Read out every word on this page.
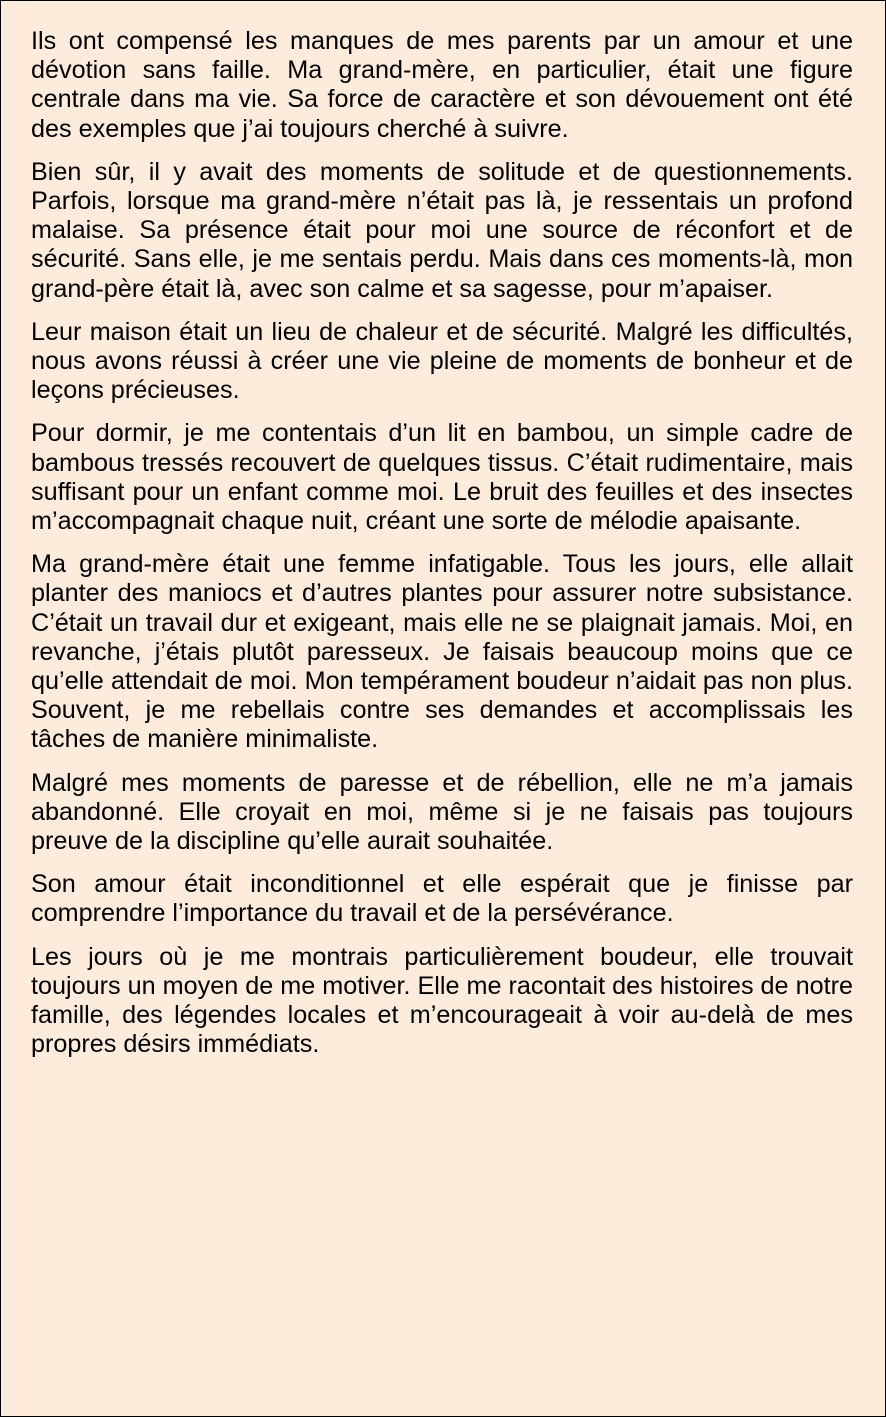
Ils ont compensé les manques de mes parents par un amour et une dévotion sans faille. Ma grand-mère, en particulier, était une figure centrale dans ma vie. Sa force de caractère et son dévouement ont été des exemples que j’ai toujours cherché à suivre.

Bien sûr, il y avait des moments de solitude et de questionnements. Parfois, lorsque ma grand-mère n’était pas là, je ressentais un profond malaise. Sa présence était pour moi une source de réconfort et de sécurité. Sans elle, je me sentais perdu. Mais dans ces moments-là, mon grand-père était là, avec son calme et sa sagesse, pour m’apaiser.

Leur maison était un lieu de chaleur et de sécurité. Malgré les difficultés, nous avons réussi à créer une vie pleine de moments de bonheur et de leçons précieuses.

Pour dormir, je me contentais d’un lit en bambou, un simple cadre de bambous tressés recouvert de quelques tissus. C’était rudimentaire, mais suffisant pour un enfant comme moi. Le bruit des feuilles et des insectes m’accompagnait chaque nuit, créant une sorte de mélodie apaisante.

Ma grand-mère était une femme infatigable. Tous les jours, elle allait planter des maniocs et d’autres plantes pour assurer notre subsistance. C’était un travail dur et exigeant, mais elle ne se plaignait jamais. Moi, en revanche, j’étais plutôt paresseux. Je faisais beaucoup moins que ce qu’elle attendait de moi. Mon tempérament boudeur n’aidait pas non plus. Souvent, je me rebellais contre ses demandes et accomplissais les tâches de manière minimaliste.

Malgré mes moments de paresse et de rébellion, elle ne m’a jamais abandonné. Elle croyait en moi, même si je ne faisais pas toujours preuve de la discipline qu’elle aurait souhaitée.

Son amour était inconditionnel et elle espérait que je finisse par comprendre l’importance du travail et de la persévérance.

Les jours où je me montrais particulièrement boudeur, elle trouvait toujours un moyen de me motiver. Elle me racontait des histoires de notre famille, des légendes locales et m’encourageait à voir au-delà de mes propres désirs immédiats.
